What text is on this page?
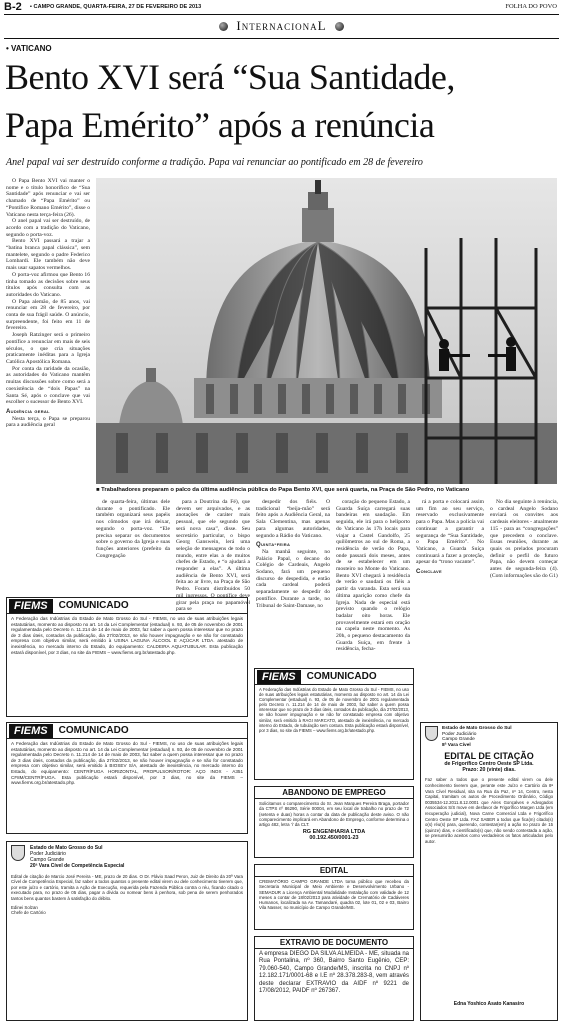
B-2 ▪ CAMPO GRANDE, QUARTA-FEIRA, 27 DE FEVEREIRO DE 2013	FOLHA DO POVO
InternacionaL
• VATICANO
Bento XVI será “Sua Santidade,
Papa Emérito” após a renúncia
Anel papal vai ser destruído conforme a tradição. Papa vai renunciar ao pontificado em 28 de fevereiro

O Papa Bento XVI vai manter o nome e o título honorífico de “Sua Santidade” após renunciar e vai ser chamado de “Papa Emérito” ou “Pontífice Romano Emérito”, disse o Vaticano nesta terça-feira (26).

O anel papal vai ser destruído, de acordo com a tradição do Vaticano, segundo o porta-voz.

Bento XVI passará a trajar a “batina branca papal clássica”, sem mantelete, segundo o padre Federico Lombardi. Ele também não deve mais usar sapatos vermelhos.

O porta-voz afirmou que Bento 16 tinha tomado as decisões sobre seus títulos após consulta com as autoridades do Vaticano.

O Papa alemão, de 85 anos, vai renunciar em 28 de fevereiro, por conta de sua frágil saúde. O anúncio, surpreendente, foi feito em 11 de fevereiro.

Joseph Ratzinger será o primeiro pontífice a renunciar em mais de seis séculos, o que cria situações praticamente inéditas para a Igreja Católica Apostólica Romana.

Por conta da raridade da ocasião, as autoridades do Vaticano mantêm muitas discussões sobre como será a coexistência de “dois Papas” na Santa Sé, após o conclave que vai escolher o sucessor de Bento XVI.

Audiência geral

Nesta terça, o Papa se preparou para a audiência geral

■ Trabalhadores preparam o palco da última audiência pública do Papa Bento XVI, que será quarta, na Praça de São Pedro, no Vaticano

de quarta-feira, últimas dele durante o pontificado. Ele também organizará seus papéis nos cômodos que irá deixar, segundo o porta-voz. “Ele precisa separar os documentos sobre o governo da Igreja e suas funções anteriores (prefeito da Congregação

para a Doutrina da Fé), que devem ser arquivados, e as anotações de caráter mais pessoal, que ele segundo que será nova casa”, disse. Seu secretário particular, o bispo Georg Ganswein, lerá uma seleção de mensagens de todo o mundo, entre elas a de muitos chefes de Estado, e “o ajudará a responder a elas”. A última audiência de Bento XVI, será feita ao ar livre, na Praça de São Pedro. Foram distribuídos 50 mil ingressos. O pontífice deve girar pela praça no papamóvel para se

despedir dos fiéis. O tradicional “beija-mão” será feito após a Audiência Geral, na Sala Clementina, mas apenas para algumas autoridades, segundo a Rádio do Vaticano.

Quinta-feira

Na manhã seguinte, no Palácio Papal, o decano do Colégio de Cardeais, Angelo Sodano, fará um pequeno discurso de despedida, e então cada cardeal poderá separadamente se despedir do pontífice. Durante a tarde, no Tribunal de Saint-Damase, no

coração do pequeno Estado, a Guarda Suíça carregará suas bandeiras em saudação. Em seguida, ele irá para o heliporto do Vaticano às 17h locais para viajar a Castel Gandolfo, 25 quilômetros ao sul de Roma, a residência de verão do Papa, onde passará dois meses, antes de se estabelecer em um mosteiro no Monte do Vaticano. Bento XVI chegará à residência de verão e saudará os fiéis a partir da varanda. Esta será sua última aparição como chefe da Igreja. Nada de especial está previsto quando o relógio badalar oito horas. Ele provavelmente estará em oração na capela neste momento. As 20h, o pequeno destacamento da Guarda Suíça, em frente à residência, fecha-

rá a porta e colocará assim um fim ao seu serviço, reservado exclusivamente para o Papa. Mas a polícia vai continuar a garantir a segurança de “Sua Santidade, o Papa Emérito”. No Vaticano, a Guarda Suíça continuará a fazer a proteção, apesar do “trono vacante”.

Conclave

No dia seguinte à renúncia, o cardeal Angelo Sodano enviará os convites aos cardeais eleitores - atualmente 115 - para as “congregações” que precedem o conclave. Essas reuniões, durante as quais os prelados procuram definir o perfil do futuro Papa, não devem começar antes de segunda-feira (4). (Com informações são do G1)

FIEMS	COMUNICADO
A Federação das Indústrias do Estado de Mato Grosso do Sul - FIEMS, no uso de suas atribuições legais estatutárias, momento ao disposto no art. 14 da Lei Complementar (estadual) n. 93, de 05 de novembro de 2001 regulamentada pelo Decreto n. 11.214 de 14 de maio de 2003, faz saber a quem possa interessar que no prazo de 3 dias úteis, contados da publicação, dia 27/02/2013, se não houver impugnação e se não for constatado empresa com objetivo similar, será emitido à USINA LAGUNA ÁLCOOL E AÇÚCAR LTDA. atestado de inexistência, no mercado interno do Estado, do equipamento: CALDEIRA AQUATUBULAR. Esta publicação estará disponível, por 3 dias, no site da FIEMS – www.fiems.org.br/atestado.php.
FIEMS	COMUNICADO
A Federação das Indústrias do Estado de Mato Grosso do Sul - FIEMS, no uso de suas atribuições legais estatutárias, momento ao disposto no art. 14 da Lei Complementar (estadual) n. 93, de 05 de novembro de 2001 regulamentada pelo Decreto n. 11.214 de 14 de maio de 2003, faz saber a quem possa interessar que no prazo de 3 dias úteis, contados da publicação, dia 27/02/2013, se não houver impugnação e se não for constatado empresa com objetivo similar, será emitido à BIOSEV S/A, atestado de inexistência, no mercado interno do Estado, do equipamento: CENTRÍFUGA HORIZONTAL, PROPULSOR/ROTOR: AÇO INOX - A351 CF8M/CENTRÍFUGA. Esta publicação estará disponível, por 3 dias, no site da FIEMS – www.fiems.org.br/atestado.php.
Estado de Mato Grosso do Sul
Poder Judiciário
Campo Grande
20ª Vara Cível de Competência Especial
Edital de citação de Marcio José Pereira - ME, prazo de 20 dias. O Dr. Flávio Saad Peron, Juiz de Direito da 20ª Vara Cível de Competência Especial, faz saber a todos quantos o presente edital virem ou dele conhecimento tiverem que, por este juízo e cartório, tramita a Ação de Execução, requerida pela Fazenda Pública contra o réu, ficando citado o executado para, no prazo de 05 dias, pagar a dívida ou nomear bens à penhora, sob pena de serem penhorados tantos bens quantos bastem à satisfação do débito.
Edinei Solzan
Chefe de Cartório
FIEMS	COMUNICADO
A Federação das Indústrias do Estado de Mato Grosso do Sul - FIEMS, no uso de suas atribuições legais estatutárias, momento ao disposto no art. 14 da Lei Complementar (estadual) n. 93, de 05 de novembro de 2001 regulamentada pelo Decreto n. 11.214 de 14 de maio de 2003, faz saber a quem possa interessar que no prazo de 3 dias úteis, contados da publicação, dia 27/02/2013, se não houver impugnação e se não for constatado empresa com objetivo similar, será emitido à RAGI MARCATO, atestado de inexistência, no mercado interno do Estado, de tubulação sem costura. Esta publicação estará disponível, por 3 dias, no site da FIEMS – www.fiems.org.br/atestado.php.
ABANDONO DE EMPREGO
Solicitamos o comparecimento do Sr. Jean Marques Pereira Braga, portador da CTPS nº 86290, Série 00004, em seu local de trabalho no prazo de 72 (setenta e duas) horas a contar da data de publicação deste aviso. O não comparecimento implicará em Abandono de Emprego, conforme determina o artigo 482, letra ‘i’ da CLT.
RG ENGENHARIA LTDA
00.192.450/0001-23
EDITAL
CREMATÓRIO CAMPO GRANDE LTDA torna público que recebeu da Secretaria Municipal de Meio Ambiente e Desenvolvimento Urbano - SEMADUR a Licença Ambiental Modalidade Instalação com validade de 12 meses a contar de 18/02/2013 para atividade de Crematório de Cadáveres Humanos, localizada na Av. Tamandaré, quadra 02, lote 01, 02 e 03, Bairro Vila Nasser, no município de Campo Grande/MS.
EXTRAVIO DE DOCUMENTO
A empresa DIEGO DA SILVA ALMEIDA - ME, situada na Rua Pontalina, nº 360, Bairro Santo Eugênio, CEP: 79.060-540, Campo Grande/MS, inscrita no CNPJ nº 12.182.171/0001-68 e I.E nº 28.378.283-8, vem através deste declarar EXTRAVIO da AIDF nº 9221 de 17/08/2012, PAIDF nº 267367.
Estado de Mato Grosso do Sul
Poder Judiciário
Campo Grande
8ª Vara Cível
EDITAL DE CITAÇÃO
de Frigorífico Centro Oeste SP Ltda.
Prazo: 20 (vinte) dias.
Faz saber a todos que o presente edital virem ou dele conhecimento tiverem que, perante este Juízo e Cartório da 8ª Vara Cível Residual, sita na Rua da Paz, nº 14, Centro, nesta Capital, tramitam os autos de Procedimento Ordinário, Código 0035534-12.2011.8.12.0001 que Aires Gonçalves e Advogados Associados S/S move em desfavor de Frigorífico Margen Ltda (em recuperação judicial), Nova Carne Comercial Ltda e Frigorífico Centro Oeste SP Ltda. FAZ SABER a todos que fica(m) citado(s) o(s) réu(s) para, querendo, contestar(em) a ação no prazo de 15 (quinze) dias, e cientificado(s) que, não sendo contestada a ação, se presumirão aceitos como verdadeiros os fatos articulados pelo autor.
Edna Yoshico Asato Kanasiro
